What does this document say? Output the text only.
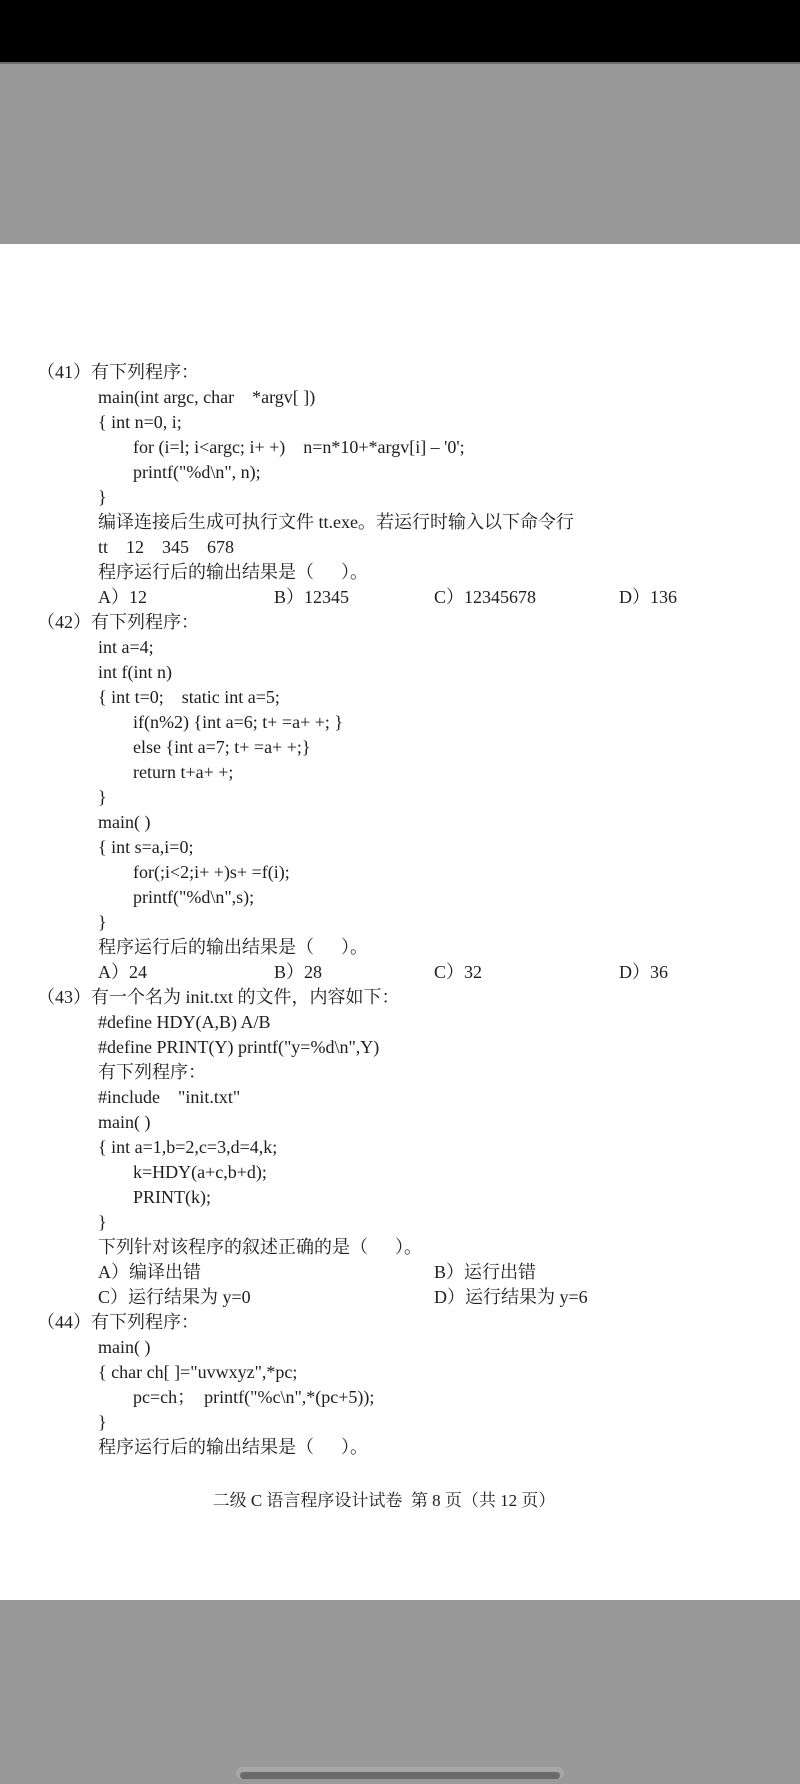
（41）有下列程序：
main(int argc, char    *argv[ ])
{ int n=0, i;
for (i=l; i<argc; i+ +)    n=n*10+*argv[i] – '0';
printf("%d\n", n);
}
编译连接后生成可执行文件 tt.exe。若运行时输入以下命令行
tt    12    345    678
程序运行后的输出结果是（      ）。
A）12	B）12345	C）12345678	D）136
（42）有下列程序：
int a=4;
int f(int n)
{ int t=0;    static int a=5;
if(n%2) {int a=6; t+ =a+ +; }
else {int a=7; t+ =a+ +;}
return t+a+ +;
}
main( )
{ int s=a,i=0;
for(;i<2;i+ +)s+ =f(i);
printf("%d\n",s);
}
程序运行后的输出结果是（      ）。
A）24	B）28	C）32	D）36
（43）有一个名为 init.txt 的文件，内容如下：
#define HDY(A,B) A/B
#define PRINT(Y) printf("y=%d\n",Y)
有下列程序：
#include    "init.txt"
main( )
{ int a=1,b=2,c=3,d=4,k;
k=HDY(a+c,b+d);
PRINT(k);
}
下列针对该程序的叙述正确的是（      ）。
A）编译出错	B）运行出错
C）运行结果为 y=0	D）运行结果为 y=6
（44）有下列程序：
main( )
{ char ch[ ]="uvwxyz",*pc;
pc=ch；  printf("%c\n",*(pc+5));
}
程序运行后的输出结果是（      ）。
二级 C 语言程序设计试卷  第 8 页（共 12 页）
